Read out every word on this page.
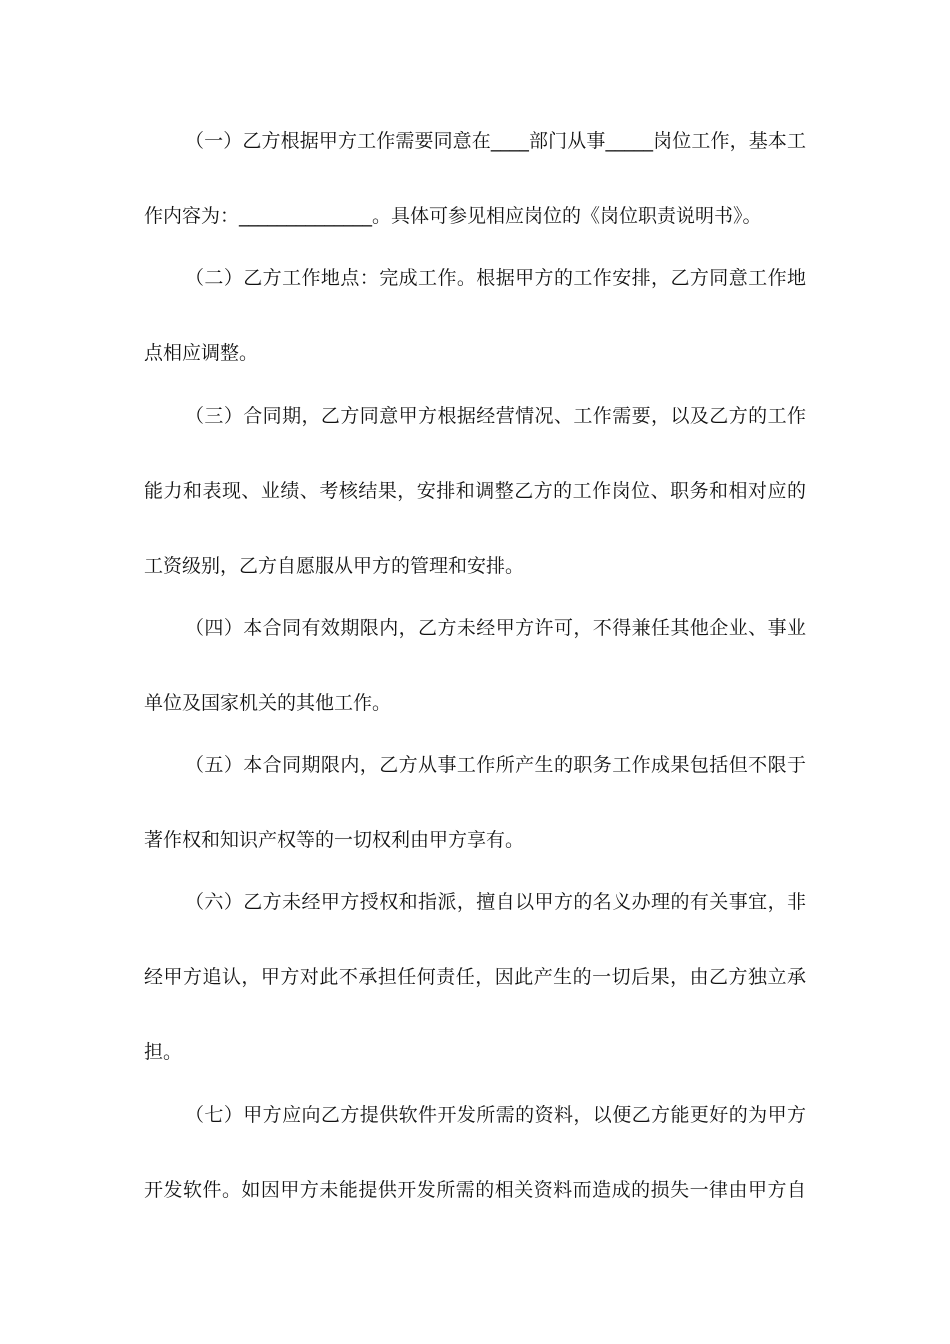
（一）乙方根据甲方工作需要同意在____部门从事_____岗位工作，基本工
作内容为：______________。具体可参见相应岗位的《岗位职责说明书》。
（二）乙方工作地点：完成工作。根据甲方的工作安排，乙方同意工作地
点相应调整。
（三）合同期，乙方同意甲方根据经营情况、工作需要，以及乙方的工作
能力和表现、业绩、考核结果，安排和调整乙方的工作岗位、职务和相对应的
工资级别，乙方自愿服从甲方的管理和安排。
（四）本合同有效期限内，乙方未经甲方许可，不得兼任其他企业、事业
单位及国家机关的其他工作。
（五）本合同期限内，乙方从事工作所产生的职务工作成果包括但不限于
著作权和知识产权等的一切权利由甲方享有。
（六）乙方未经甲方授权和指派，擅自以甲方的名义办理的有关事宜，非
经甲方追认，甲方对此不承担任何责任，因此产生的一切后果，由乙方独立承
担。
（七）甲方应向乙方提供软件开发所需的资料，以便乙方能更好的为甲方
开发软件。如因甲方未能提供开发所需的相关资料而造成的损失一律由甲方自
